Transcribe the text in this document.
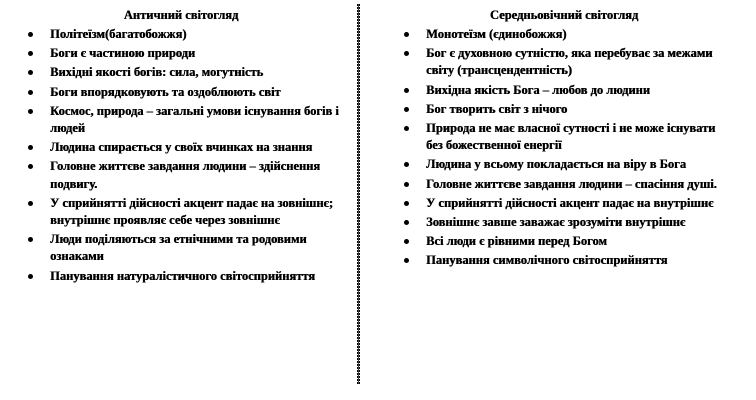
Античний світогляд
Політеїзм(багатобожжя)
Боги є частиною природи
Вихідні якості богів: сила, могутність
Боги впорядковують та оздоблюють світ
Космос, природа – загальні умови існування богів і людей
Людина спирається у своїх вчинках на знання
Головне життєве завдання людини – здійснення подвигу.
У сприйнятті дійсності акцент падає на зовнішнє; внутрішнє проявляє себе через зовнішнє
Люди поділяються за етнічними та родовими ознаками
Панування натуралістичного світосприйняття
Середньовічний світогляд
Монотеїзм (єдинобожжя)
Бог є духовною сутністю, яка перебуває за межами світу (трансцендентність)
Вихідна якість Бога – любов до людини
Бог творить світ з нічого
Природа не має власної сутності і не може існувати без божественної енергії
Людина у всьому покладається на віру в Бога
Головне життєве завдання людини – спасіння душі.
У сприйнятті дійсності акцент падає на внутрішнє
Зовнішнє завше заважає зрозуміти внутрішнє
Всі люди є рівними перед Богом
Панування символічного світосприйняття
